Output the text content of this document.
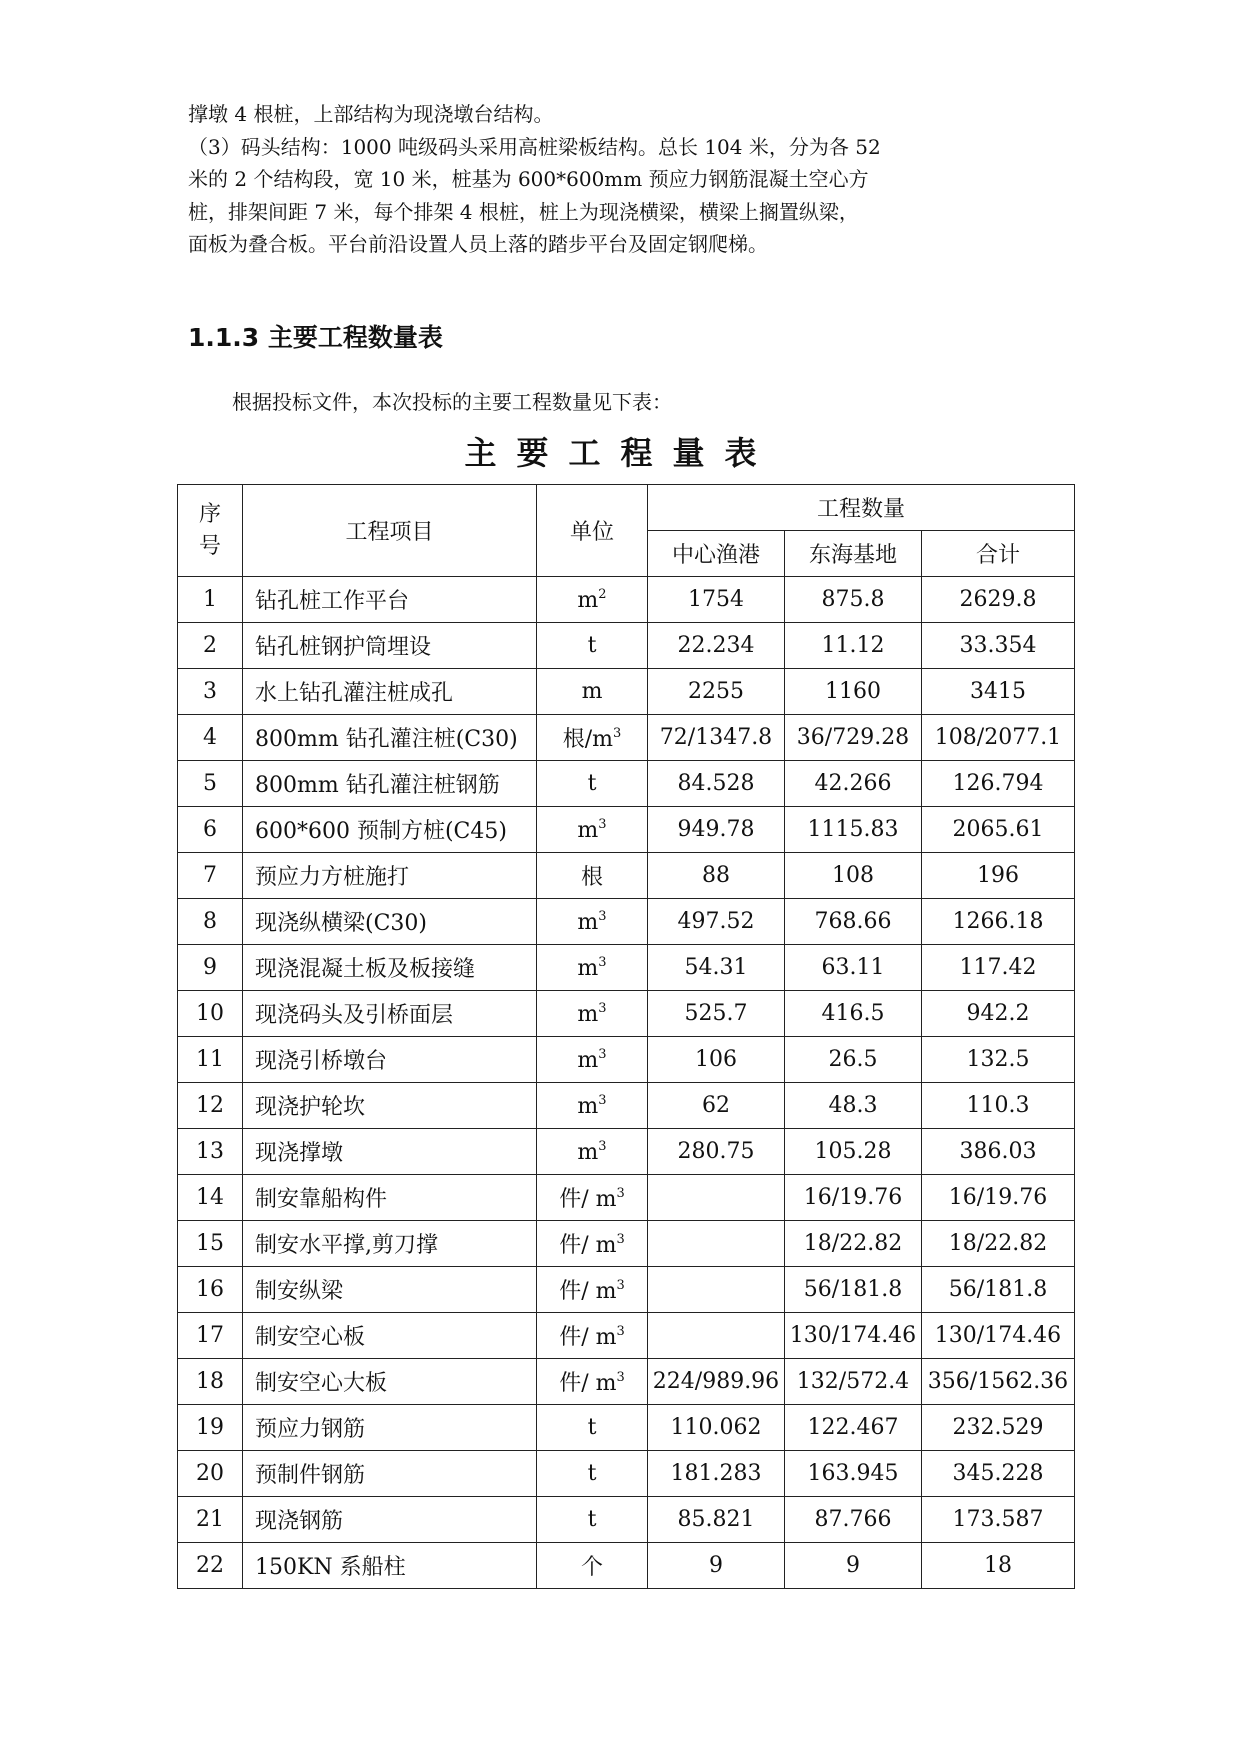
撑墩 4 根桩，上部结构为现浇墩台结构。

（3）码头结构：1000 吨级码头采用高桩梁板结构。总长 104 米，分为各 52

米的 2 个结构段，宽 10 米，桩基为 600*600mm 预应力钢筋混凝土空心方

桩，排架间距 7 米，每个排架 4 根桩，桩上为现浇横梁，横梁上搁置纵梁，

面板为叠合板。平台前沿设置人员上落的踏步平台及固定钢爬梯。

1.1.3 主要工程数量表

根据投标文件，本次投标的主要工程数量见下表：

主要工程量表
序号	工程项目	单位	工程数量		
			中心渔港	东海基地	合计
1	钻孔桩工作平台	$m^2$	1754	875.8	2629.8
2	钻孔桩钢护筒埋设	t	22.234	11.12	33.354
3	水上钻孔灌注桩成孔	m	2255	1160	3415
4	800mm 钻孔灌注桩(C30)	根$/m^3$	72/1347.8	36/729.28	108/2077.1
5	800mm 钻孔灌注桩钢筋	t	84.528	42.266	126.794
6	600*600 预制方桩(C45)	$m^3$	949.78	1115.83	2065.61
7	预应力方桩施打	根	88	108	196
8	现浇纵横梁(C30)	$m^3$	497.52	768.66	1266.18
9	现浇混凝土板及板接缝	$m^3$	54.31	63.11	117.42
10	现浇码头及引桥面层	$m^3$	525.7	416.5	942.2
11	现浇引桥墩台	$m^3$	106	26.5	132.5
12	现浇护轮坎	$m^3$	62	48.3	110.3
13	现浇撑墩	$m^3$	280.75	105.28	386.03
14	制安靠船构件	件/ $m^3$		16/19.76	16/19.76
15	制安水平撑,剪刀撑	件/ $m^3$		18/22.82	18/22.82
16	制安纵梁	件/ $m^3$		56/181.8	56/181.8
17	制安空心板	件/ $m^3$		130/174.46	130/174.46
18	制安空心大板	件/ $m^3$	224/989.96	132/572.4	356/1562.36
19	预应力钢筋	t	110.062	122.467	232.529
20	预制件钢筋	t	181.283	163.945	345.228
21	现浇钢筋	t	85.821	87.766	173.587
22	150KN 系船柱	个	9	9	18
